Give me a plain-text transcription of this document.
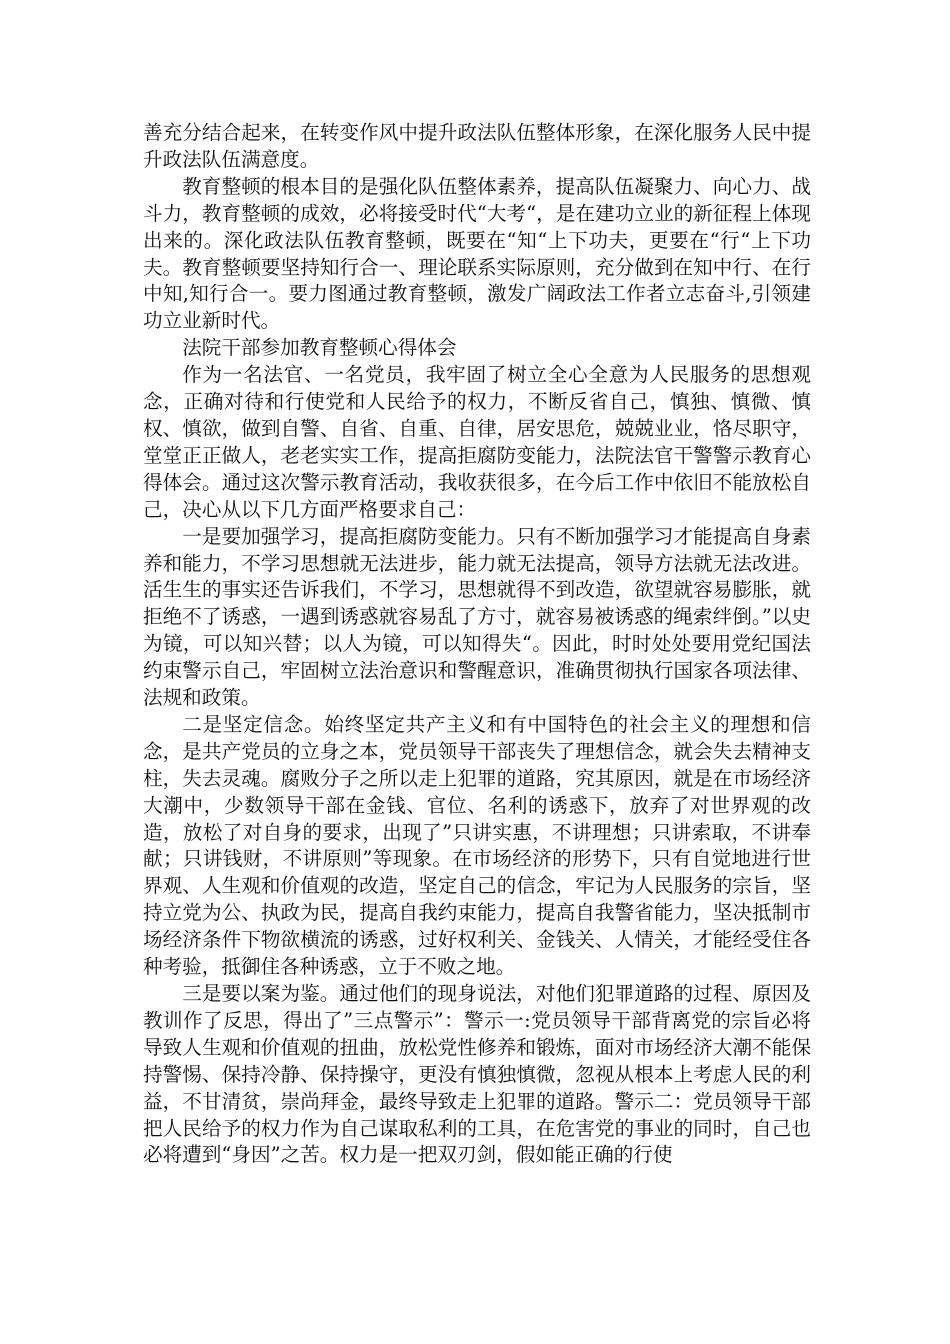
善充分结合起来，在转变作风中提升政法队伍整体形象，在深化服务人民中提升政法队伍满意度。

教育整顿的根本目的是强化队伍整体素养，提高队伍凝聚力、向心力、战斗力，教育整顿的成效，必将接受时代“大考“，是在建功立业的新征程上体现出来的。深化政法队伍教育整顿，既要在“知“上下功夫，更要在“行“上下功夫。教育整顿要坚持知行合一、理论联系实际原则，充分做到在知中行、在行中知,知行合一。要力图通过教育整顿，激发广阔政法工作者立志奋斗,引领建功立业新时代。

法院干部参加教育整顿心得体会

作为一名法官、一名党员，我牢固了树立全心全意为人民服务的思想观念，正确对待和行使党和人民给予的权力，不断反省自己，慎独、慎微、慎权、慎欲，做到自警、自省、自重、自律，居安思危，兢兢业业，恪尽职守，堂堂正正做人，老老实实工作，提高拒腐防变能力，法院法官干警警示教育心得体会。通过这次警示教育活动，我收获很多，在今后工作中依旧不能放松自己，决心从以下几方面严格要求自己：

一是要加强学习，提高拒腐防变能力。只有不断加强学习才能提高自身素养和能力，不学习思想就无法进步，能力就无法提高，领导方法就无法改进。活生生的事实还告诉我们，不学习，思想就得不到改造，欲望就容易膨胀，就拒绝不了诱惑，一遇到诱惑就容易乱了方寸，就容易被诱惑的绳索绊倒。”以史为镜，可以知兴替；以人为镜，可以知得失“。因此，时时处处要用党纪国法约束警示自己，牢固树立法治意识和警醒意识，准确贯彻执行国家各项法律、法规和政策。

二是坚定信念。始终坚定共产主义和有中国特色的社会主义的理想和信念，是共产党员的立身之本，党员领导干部丧失了理想信念，就会失去精神支柱，失去灵魂。腐败分子之所以走上犯罪的道路，究其原因，就是在市场经济大潮中，少数领导干部在金钱、官位、名利的诱惑下，放弃了对世界观的改造，放松了对自身的要求，出现了”只讲实惠，不讲理想；只讲索取，不讲奉献；只讲钱财，不讲原则”等现象。在市场经济的形势下，只有自觉地进行世界观、人生观和价值观的改造，坚定自己的信念，牢记为人民服务的宗旨，坚持立党为公、执政为民，提高自我约束能力，提高自我警省能力，坚决抵制市场经济条件下物欲横流的诱惑，过好权利关、金钱关、人情关，才能经受住各种考验，抵御住各种诱惑，立于不败之地。

三是要以案为鉴。通过他们的现身说法，对他们犯罪道路的过程、原因及教训作了反思，得出了”三点警示”：警示一:党员领导干部背离党的宗旨必将导致人生观和价值观的扭曲，放松党性修养和锻炼，面对市场经济大潮不能保持警惕、保持冷静、保持操守，更没有慎独慎微，忽视从根本上考虑人民的利益，不甘清贫，崇尚拜金，最终导致走上犯罪的道路。警示二：党员领导干部把人民给予的权力作为自己谋取私利的工具，在危害党的事业的同时，自己也必将遭到“身因”之苦。权力是一把双刃剑，假如能正确的行使
